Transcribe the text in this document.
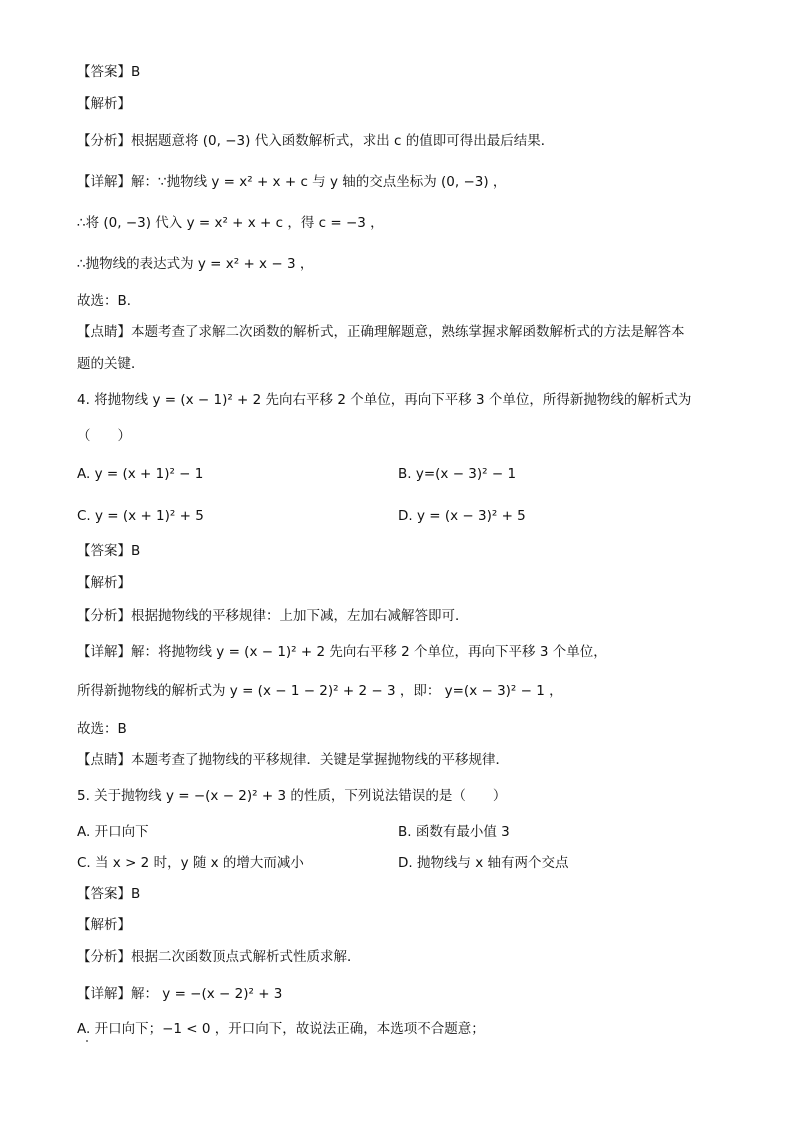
【答案】B
【解析】
【分析】根据题意将 (0, −3) 代入函数解析式，求出 c 的值即可得出最后结果．
【详解】解：∵抛物线 y = x² + x + c 与 y 轴的交点坐标为 (0, −3) ，
∴将 (0, −3) 代入 y = x² + x + c ，得 c = −3 ，
∴抛物线的表达式为 y = x² + x − 3 ，
故选：B．
【点睛】本题考查了求解二次函数的解析式，正确理解题意，熟练掌握求解函数解析式的方法是解答本
题的关键．
4. 将抛物线 y = (x − 1)² + 2 先向右平移 2 个单位，再向下平移 3 个单位，所得新抛物线的解析式为
（　　）
A. y = (x + 1)² − 1	B. y=(x − 3)² − 1
C. y = (x + 1)² + 5	D. y = (x − 3)² + 5
【答案】B
【解析】
【分析】根据抛物线的平移规律：上加下减，左加右减解答即可．
【详解】解：将抛物线 y = (x − 1)² + 2 先向右平移 2 个单位，再向下平移 3 个单位，
所得新抛物线的解析式为 y = (x − 1 − 2)² + 2 − 3 ，即： y=(x − 3)² − 1 ，
故选：B
【点睛】本题考查了抛物线的平移规律．关键是掌握抛物线的平移规律．
5. 关于抛物线 y = −(x − 2)² + 3 的性质，下列说法错误的是（　　）
A. 开口向下	B. 函数有最小值 3
C. 当 x > 2 时，y 随 x 的增大而减小	D. 抛物线与 x 轴有两个交点
【答案】B
【解析】
【分析】根据二次函数顶点式解析式性质求解．
【详解】解： y = −(x − 2)² + 3
A. 开口向下；−1 < 0 ，开口向下，故说法正确，本选项不合题意；
